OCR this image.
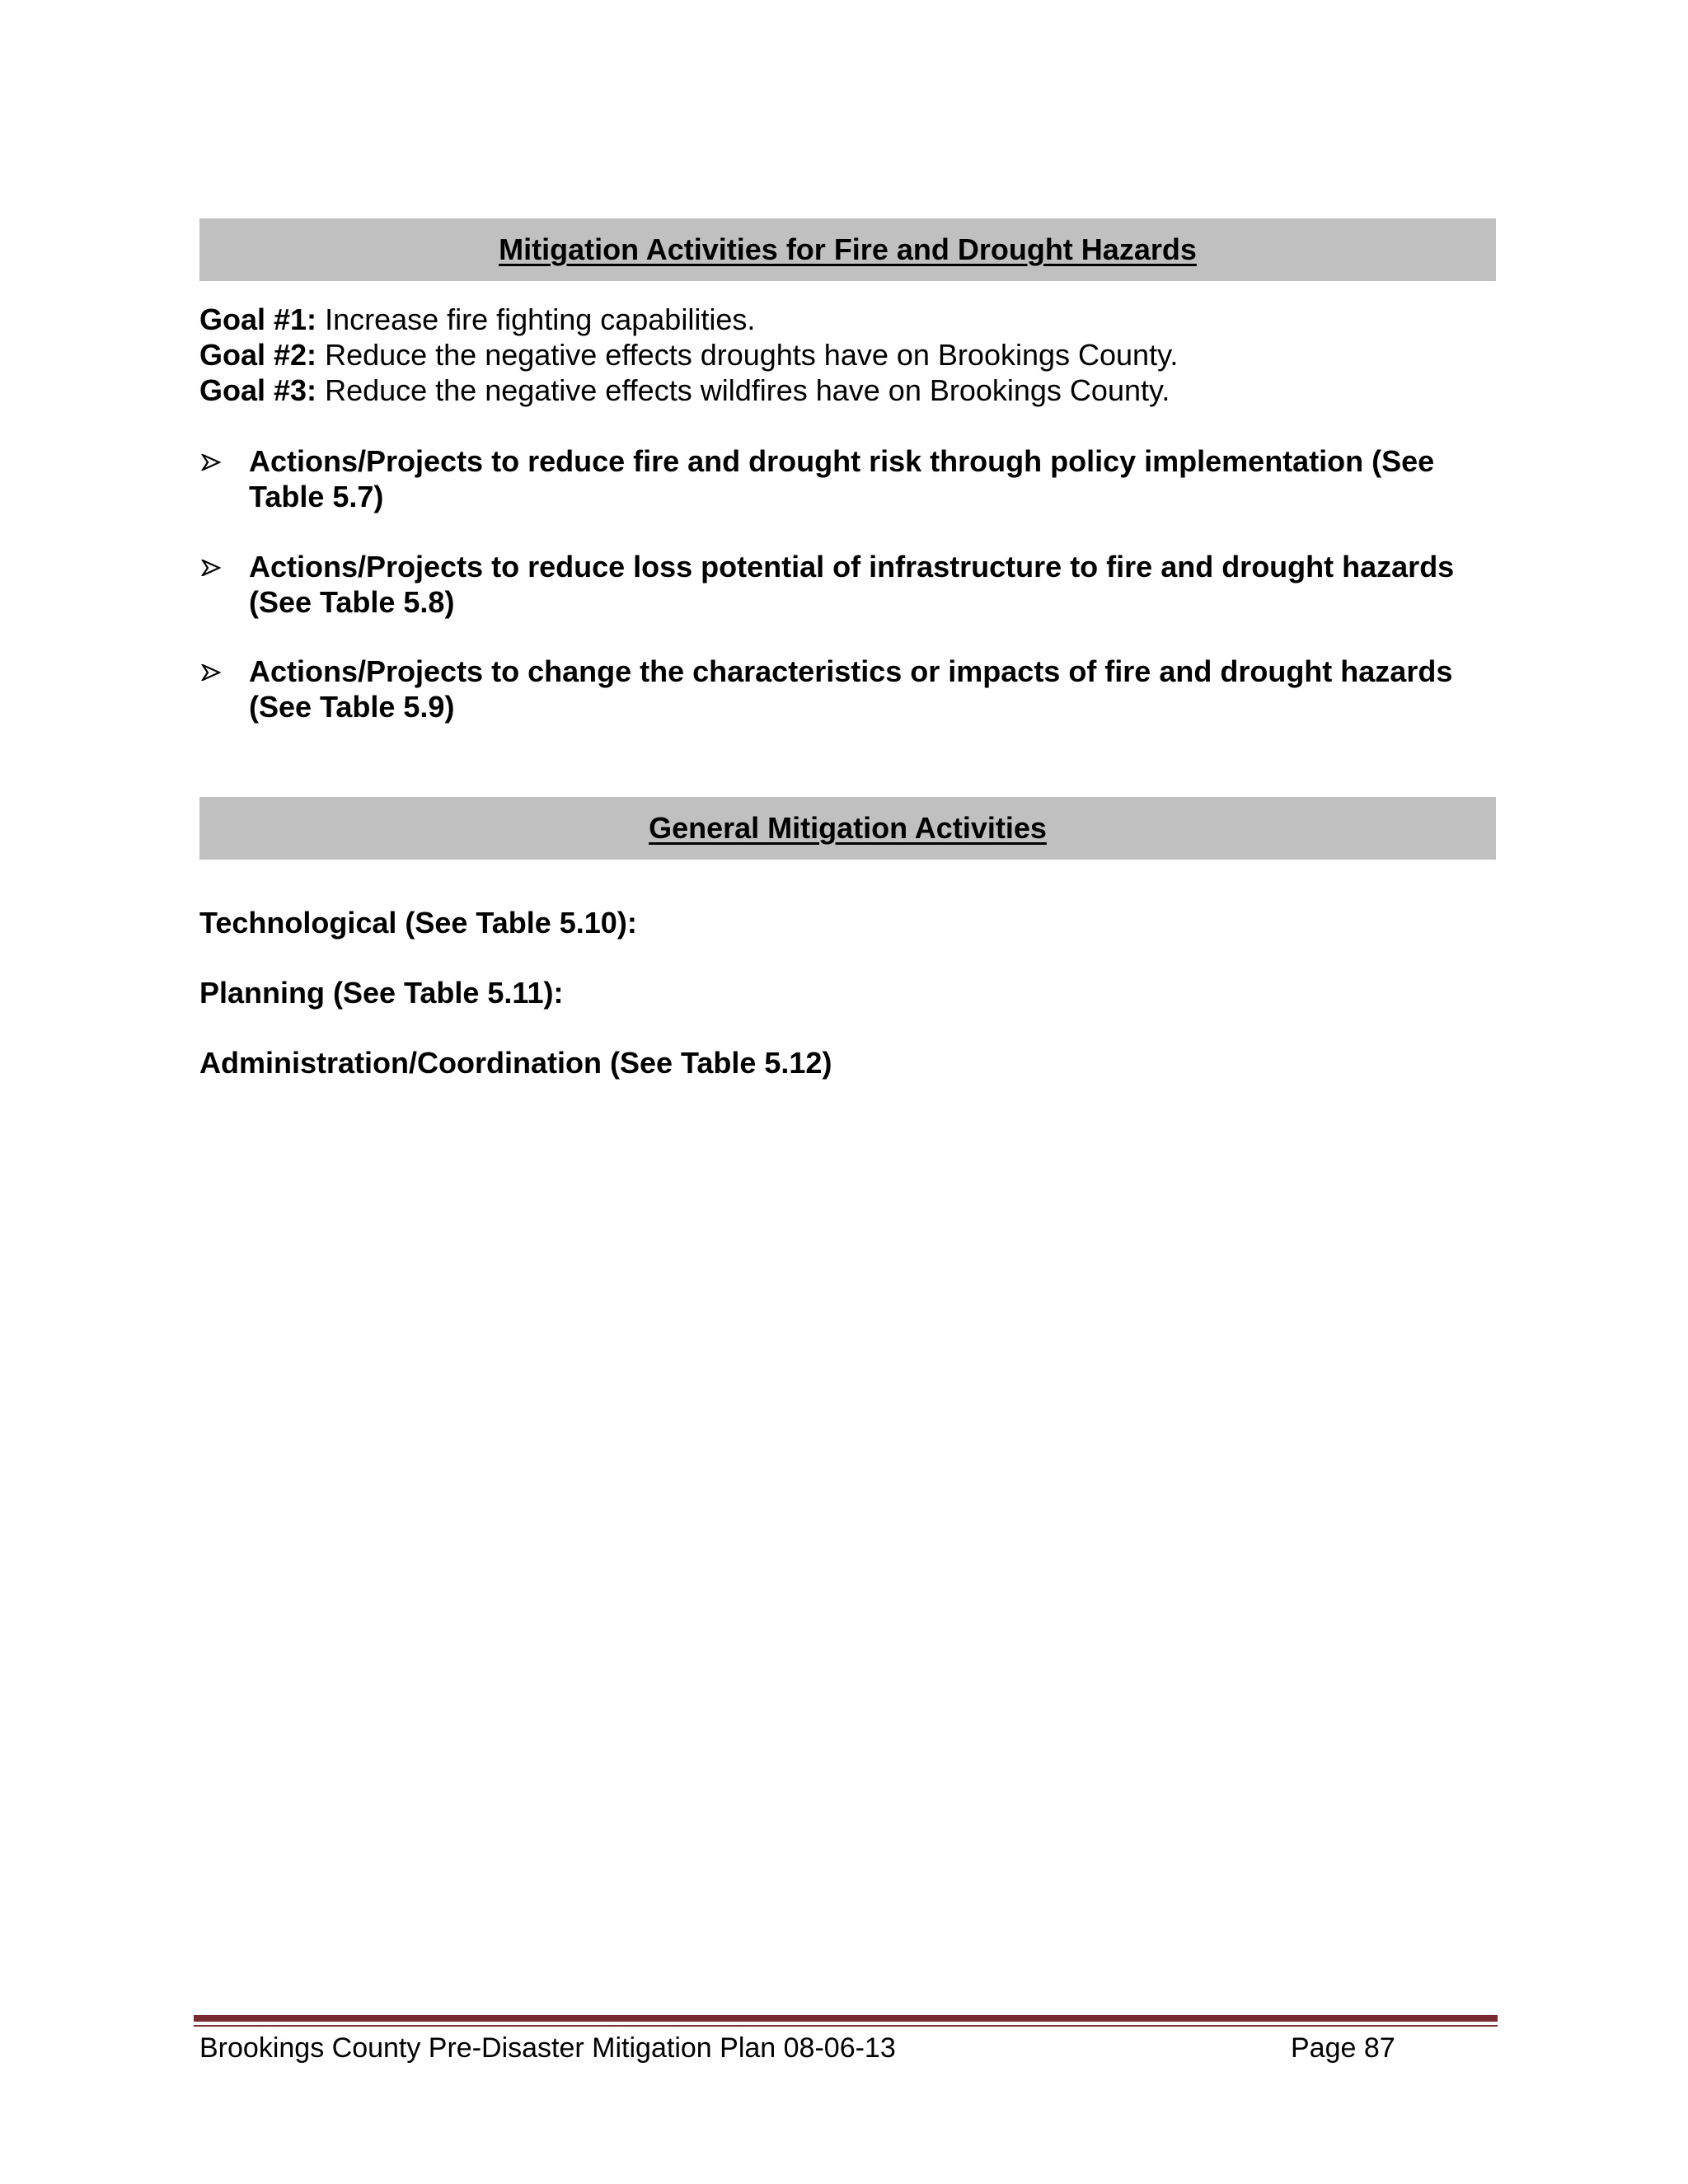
Mitigation Activities for Fire and Drought Hazards
Goal #1: Increase fire fighting capabilities.
Goal #2: Reduce the negative effects droughts have on Brookings County.
Goal #3: Reduce the negative effects wildfires have on Brookings County.
Actions/Projects to reduce fire and drought risk through policy implementation (See Table 5.7)
Actions/Projects to reduce loss potential of infrastructure to fire and drought hazards (See Table 5.8)
Actions/Projects to change the characteristics or impacts of fire and drought hazards (See Table 5.9)
General Mitigation Activities
Technological (See Table 5.10):
Planning (See Table 5.11):
Administration/Coordination (See Table 5.12)
Brookings County Pre-Disaster Mitigation Plan 08-06-13	Page 87
